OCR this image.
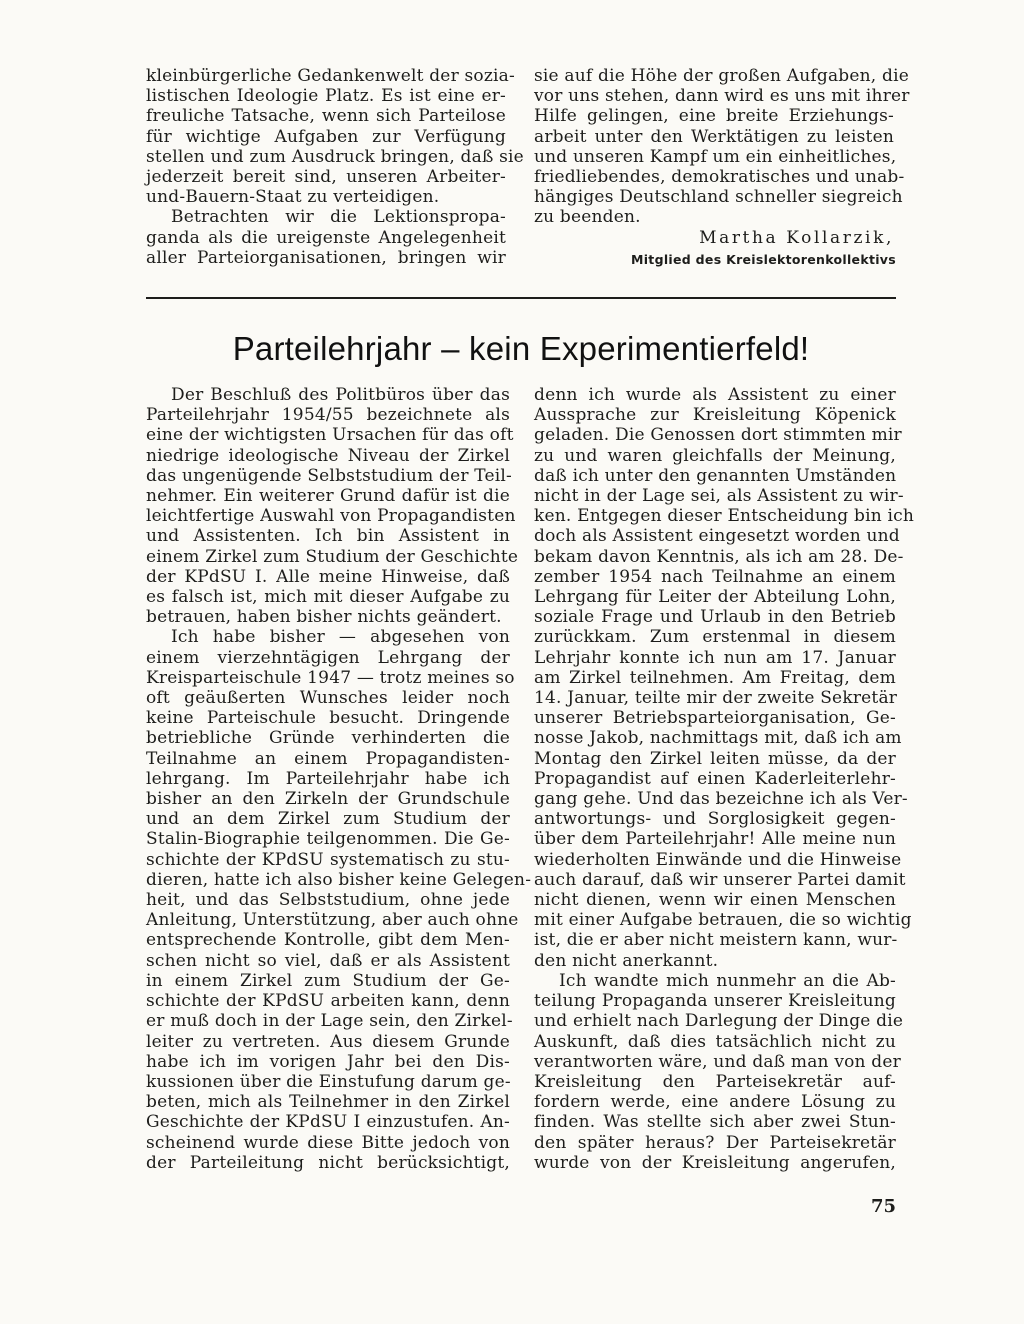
kleinbürgerliche Gedankenwelt der sozia-
listischen Ideologie Platz. Es ist eine er-
freuliche Tatsache, wenn sich Parteilose
für wichtige Aufgaben zur Verfügung
stellen und zum Ausdruck bringen, daß sie
jederzeit bereit sind, unseren Arbeiter-
und-Bauern-Staat zu verteidigen.
Betrachten wir die Lektionspropa-
ganda als die ureigenste Angelegenheit
aller Parteiorganisationen, bringen wir
sie auf die Höhe der großen Aufgaben, die
vor uns stehen, dann wird es uns mit ihrer
Hilfe gelingen, eine breite Erziehungs-
arbeit unter den Werktätigen zu leisten
und unseren Kampf um ein einheitliches,
friedliebendes, demokratisches und unab-
hängiges Deutschland schneller siegreich
zu beenden.
Martha Kollarzik,
Mitglied des Kreislektorenkollektivs
Parteilehrjahr – kein Experimentierfeld!
Der Beschluß des Politbüros über das
Parteilehrjahr 1954/55 bezeichnete als
eine der wichtigsten Ursachen für das oft
niedrige ideologische Niveau der Zirkel
das ungenügende Selbststudium der Teil-
nehmer. Ein weiterer Grund dafür ist die
leichtfertige Auswahl von Propagandisten
und Assistenten. Ich bin Assistent in
einem Zirkel zum Studium der Geschichte
der KPdSU I. Alle meine Hinweise, daß
es falsch ist, mich mit dieser Aufgabe zu
betrauen, haben bisher nichts geändert.
Ich habe bisher — abgesehen von
einem vierzehntägigen Lehrgang der
Kreisparteischule 1947 — trotz meines so
oft geäußerten Wunsches leider noch
keine Parteischule besucht. Dringende
betriebliche Gründe verhinderten die
Teilnahme an einem Propagandisten-
lehrgang. Im Parteilehrjahr habe ich
bisher an den Zirkeln der Grundschule
und an dem Zirkel zum Studium der
Stalin-Biographie teilgenommen. Die Ge-
schichte der KPdSU systematisch zu stu-
dieren, hatte ich also bisher keine Gelegen-
heit, und das Selbststudium, ohne jede
Anleitung, Unterstützung, aber auch ohne
entsprechende Kontrolle, gibt dem Men-
schen nicht so viel, daß er als Assistent
in einem Zirkel zum Studium der Ge-
schichte der KPdSU arbeiten kann, denn
er muß doch in der Lage sein, den Zirkel-
leiter zu vertreten. Aus diesem Grunde
habe ich im vorigen Jahr bei den Dis-
kussionen über die Einstufung darum ge-
beten, mich als Teilnehmer in den Zirkel
Geschichte der KPdSU I einzustufen. An-
scheinend wurde diese Bitte jedoch von
der Parteileitung nicht berücksichtigt,
denn ich wurde als Assistent zu einer
Aussprache zur Kreisleitung Köpenick
geladen. Die Genossen dort stimmten mir
zu und waren gleichfalls der Meinung,
daß ich unter den genannten Umständen
nicht in der Lage sei, als Assistent zu wir-
ken. Entgegen dieser Entscheidung bin ich
doch als Assistent eingesetzt worden und
bekam davon Kenntnis, als ich am 28. De-
zember 1954 nach Teilnahme an einem
Lehrgang für Leiter der Abteilung Lohn,
soziale Frage und Urlaub in den Betrieb
zurückkam. Zum erstenmal in diesem
Lehrjahr konnte ich nun am 17. Januar
am Zirkel teilnehmen. Am Freitag, dem
14. Januar, teilte mir der zweite Sekretär
unserer Betriebsparteiorganisation, Ge-
nosse Jakob, nachmittags mit, daß ich am
Montag den Zirkel leiten müsse, da der
Propagandist auf einen Kaderleiterlehr-
gang gehe. Und das bezeichne ich als Ver-
antwortungs- und Sorglosigkeit gegen-
über dem Parteilehrjahr! Alle meine nun
wiederholten Einwände und die Hinweise
auch darauf, daß wir unserer Partei damit
nicht dienen, wenn wir einen Menschen
mit einer Aufgabe betrauen, die so wichtig
ist, die er aber nicht meistern kann, wur-
den nicht anerkannt.
Ich wandte mich nunmehr an die Ab-
teilung Propaganda unserer Kreisleitung
und erhielt nach Darlegung der Dinge die
Auskunft, daß dies tatsächlich nicht zu
verantworten wäre, und daß man von der
Kreisleitung den Parteisekretär auf-
fordern werde, eine andere Lösung zu
finden. Was stellte sich aber zwei Stun-
den später heraus? Der Parteisekretär
wurde von der Kreisleitung angerufen,
75
